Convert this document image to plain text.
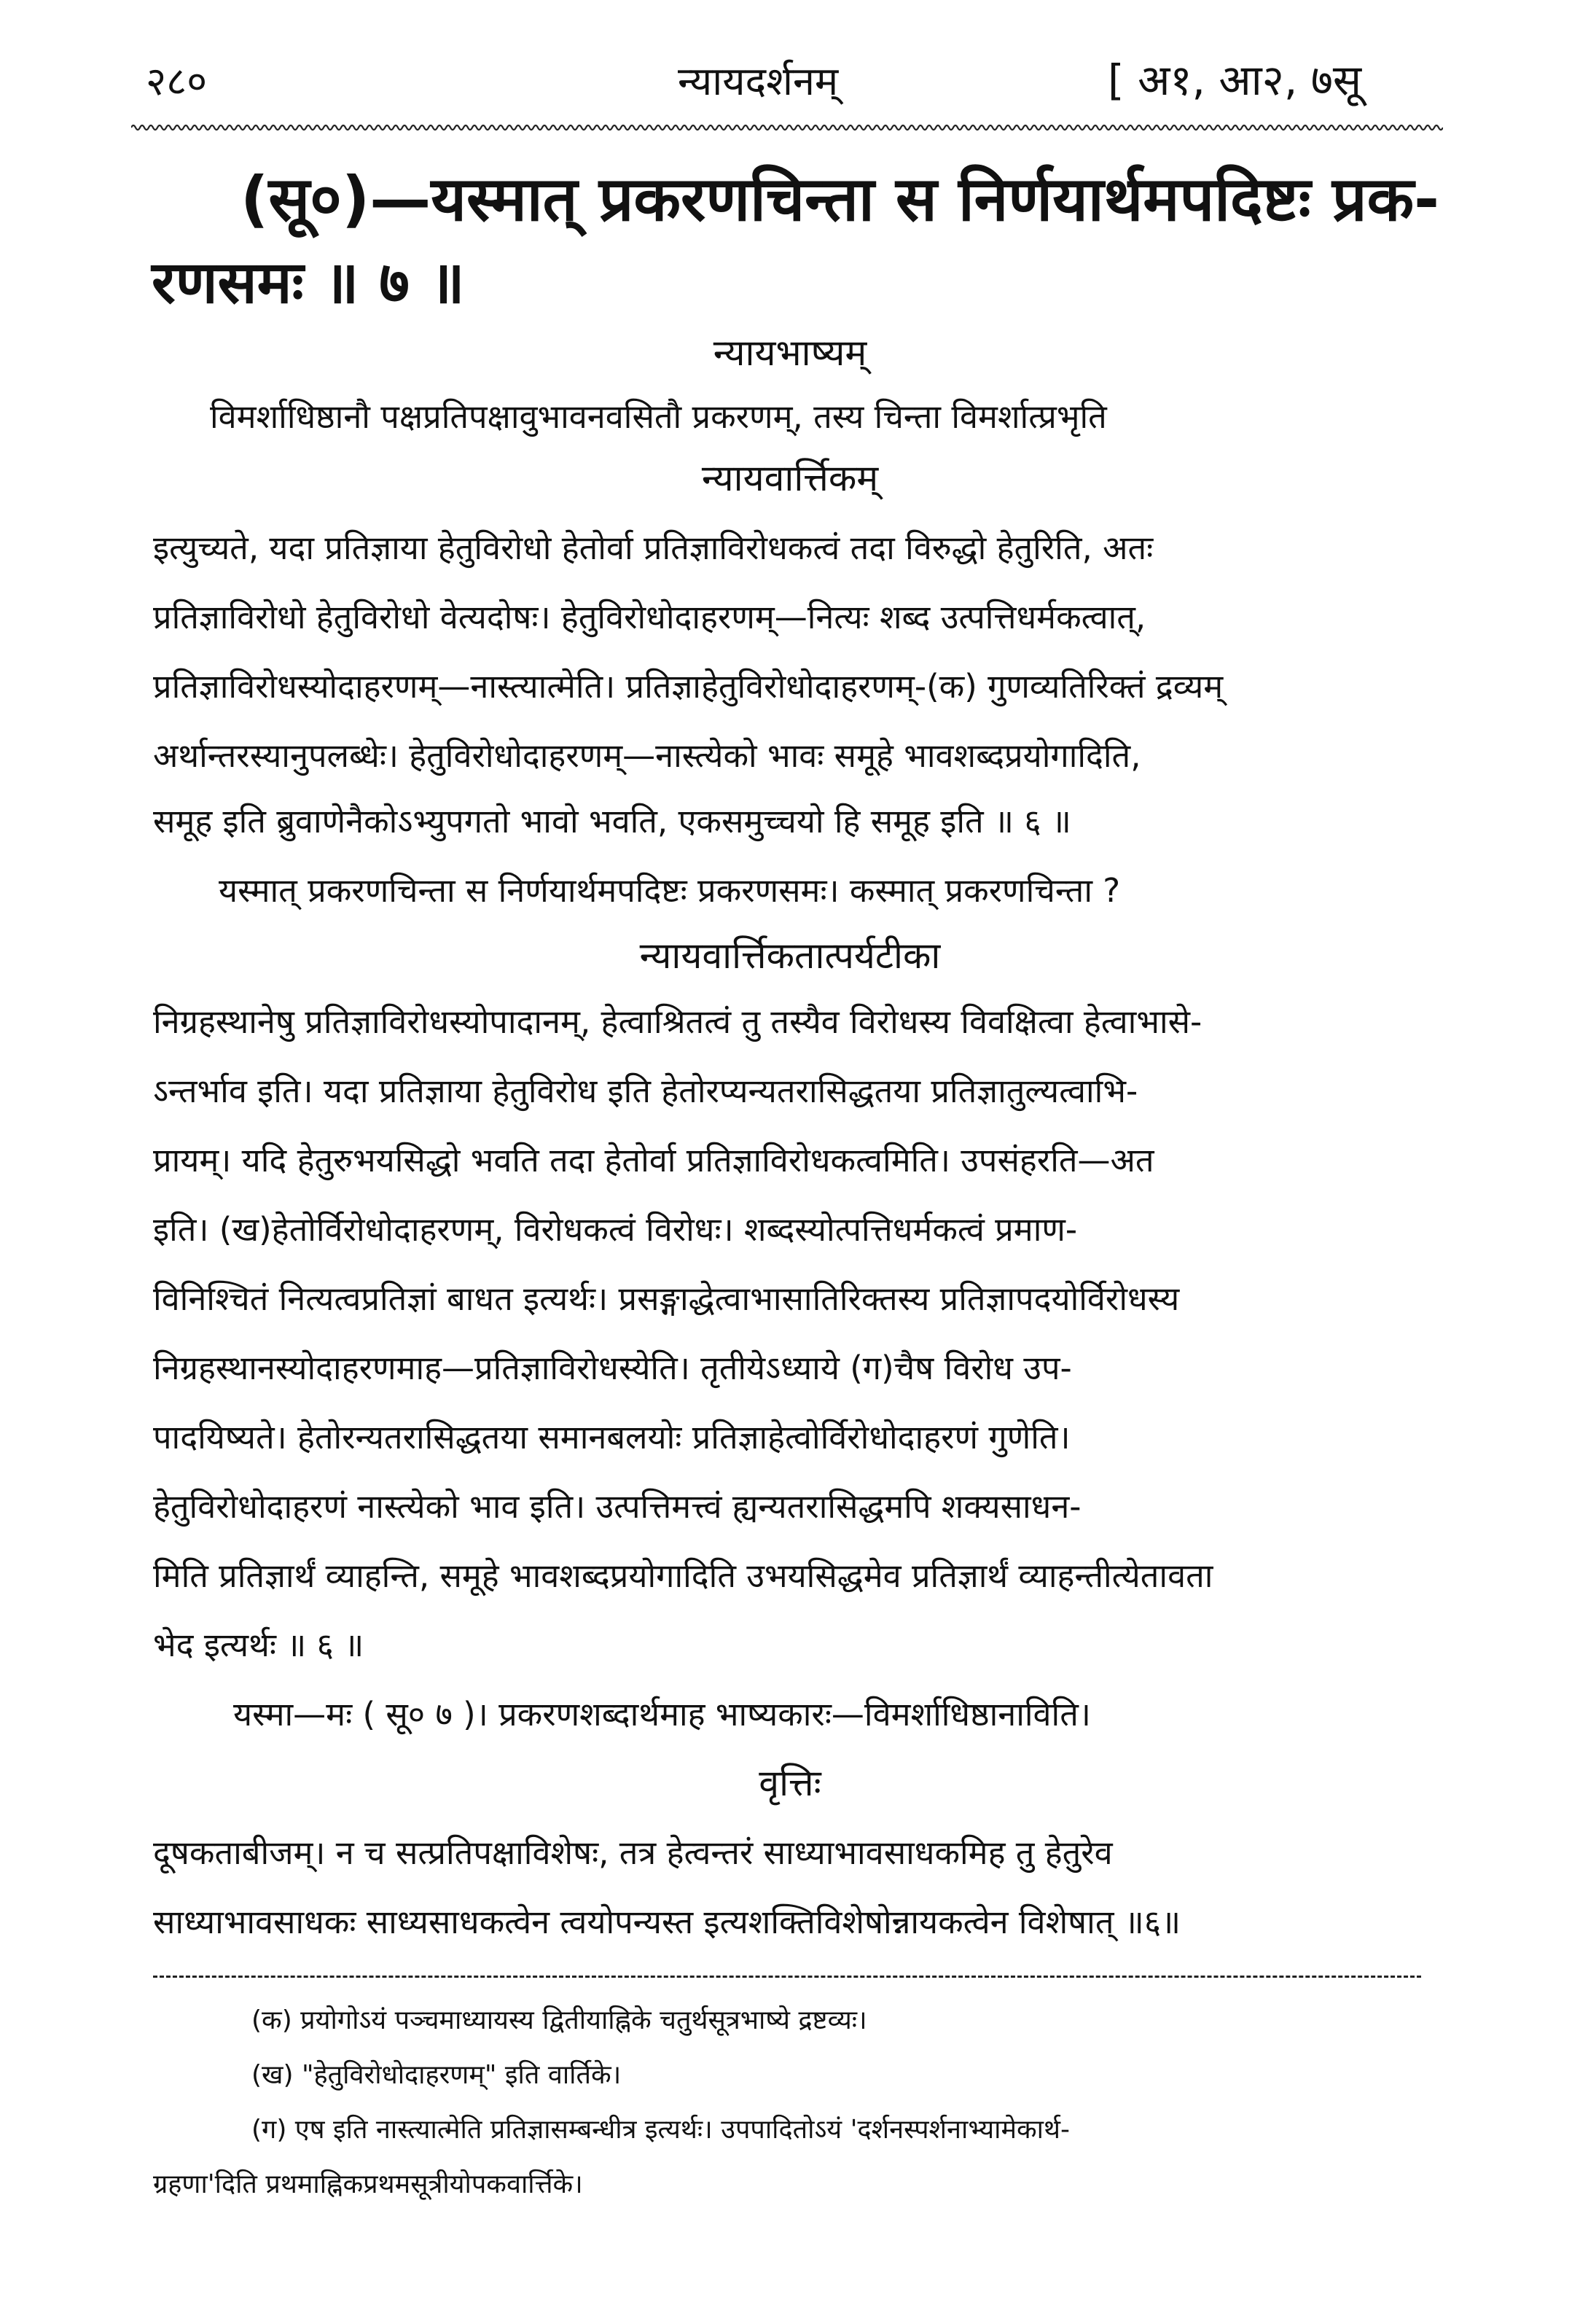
२८०	न्यायदर्शनम्	[ अ१, आ२, ७सू
(सू०)—यस्मात् प्रकरणचिन्ता स निर्णयार्थमपदिष्टः प्रक-
रणसमः ॥ ७ ॥
न्यायभाष्यम्
विमर्शाधिष्ठानौ पक्षप्रतिपक्षावुभावनवसितौ प्रकरणम्, तस्य चिन्ता विमर्शात्प्रभृति
न्यायवार्त्तिकम्
इत्युच्यते, यदा प्रतिज्ञाया हेतुविरोधो हेतोर्वा प्रतिज्ञाविरोधकत्वं तदा विरुद्धो हेतुरिति, अतः
प्रतिज्ञाविरोधो हेतुविरोधो वेत्यदोषः। हेतुविरोधोदाहरणम्—नित्यः शब्द उत्पत्तिधर्मकत्वात्,
प्रतिज्ञाविरोधस्योदाहरणम्—नास्त्यात्मेति। प्रतिज्ञाहेतुविरोधोदाहरणम्-(क) गुणव्यतिरिक्तं द्रव्यम्
अर्थान्तरस्यानुपलब्धेः। हेतुविरोधोदाहरणम्—नास्त्येको भावः समूहे भावशब्दप्रयोगादिति,
समूह इति ब्रुवाणेनैकोऽभ्युपगतो भावो भवति, एकसमुच्चयो हि समूह इति ॥ ६ ॥
यस्मात् प्रकरणचिन्ता स निर्णयार्थमपदिष्टः प्रकरणसमः। कस्मात् प्रकरणचिन्ता ?
न्यायवार्त्तिकतात्पर्यटीका
निग्रहस्थानेषु प्रतिज्ञाविरोधस्योपादानम्, हेत्वाश्रितत्वं तु तस्यैव विरोधस्य विवक्षित्वा हेत्वाभासे-
ऽन्तर्भाव इति। यदा प्रतिज्ञाया हेतुविरोध इति हेतोरप्यन्यतरासिद्धतया प्रतिज्ञातुल्यत्वाभि-
प्रायम्। यदि हेतुरुभयसिद्धो भवति तदा हेतोर्वा प्रतिज्ञाविरोधकत्वमिति। उपसंहरति—अत
इति। (ख)हेतोर्विरोधोदाहरणम्, विरोधकत्वं विरोधः। शब्दस्योत्पत्तिधर्मकत्वं प्रमाण-
विनिश्चितं नित्यत्वप्रतिज्ञां बाधत इत्यर्थः। प्रसङ्गाद्धेत्वाभासातिरिक्तस्य प्रतिज्ञापदयोर्विरोधस्य
निग्रहस्थानस्योदाहरणमाह—प्रतिज्ञाविरोधस्येति। तृतीयेऽध्याये (ग)चैष विरोध उप-
पादयिष्यते। हेतोरन्यतरासिद्धतया समानबलयोः प्रतिज्ञाहेत्वोर्विरोधोदाहरणं गुणेति।
हेतुविरोधोदाहरणं नास्त्येको भाव इति। उत्पत्तिमत्त्वं ह्यन्यतरासिद्धमपि शक्यसाधन-
मिति प्रतिज्ञार्थं व्याहन्ति, समूहे भावशब्दप्रयोगादिति उभयसिद्धमेव प्रतिज्ञार्थं व्याहन्तीत्येतावता
भेद इत्यर्थः ॥ ६ ॥
यस्मा—मः ( सू० ७ )। प्रकरणशब्दार्थमाह भाष्यकारः—विमर्शाधिष्ठानाविति।
वृत्तिः
दूषकताबीजम्। न च सत्प्रतिपक्षाविशेषः, तत्र हेत्वन्तरं साध्याभावसाधकमिह तु हेतुरेव
साध्याभावसाधकः साध्यसाधकत्वेन त्वयोपन्यस्त इत्यशक्तिविशेषोन्नायकत्वेन विशेषात् ॥६॥
(क) प्रयोगोऽयं पञ्चमाध्यायस्य द्वितीयाह्निके चतुर्थसूत्रभाष्ये द्रष्टव्यः।
(ख) "हेतुविरोधोदाहरणम्" इति वार्तिके।
(ग) एष इति नास्त्यात्मेति प्रतिज्ञासम्बन्धीत्र इत्यर्थः। उपपादितोऽयं 'दर्शनस्पर्शनाभ्यामेकार्थ-
ग्रहणा'दिति प्रथमाह्निकप्रथमसूत्रीयोपकवार्त्तिके।
